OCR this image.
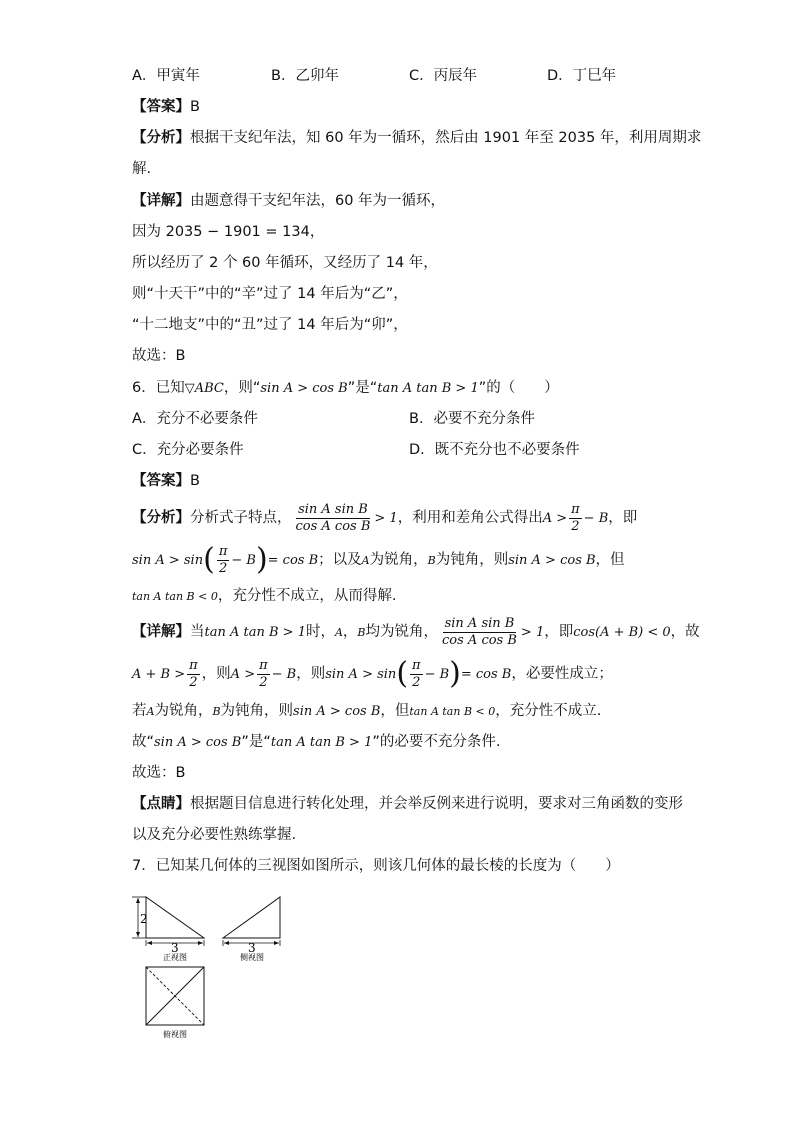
A．甲寅年	B．乙卯年	C．丙辰年	D．丁巳年
【答案】B
【分析】根据干支纪年法，知 60 年为一循环，然后由 1901 年至 2035 年，利用周期求
解.
【详解】由题意得干支纪年法，60 年为一循环，
因为 2035 − 1901 = 134，
所以经历了 2 个 60 年循环，又经历了 14 年，
则“十天干”中的“辛”过了 14 年后为“乙”，
“十二地支”中的“丑”过了 14 年后为“卯”，
故选：B
6．已知▽ABC，则“sin A > cos B”是“tan A tan B > 1”的（　　）
A．充分不必要条件	B．必要不充分条件
C．充分必要条件	D．既不充分也不必要条件
【答案】B
【分析】分析式子特点， $\frac{\text{sin A sin B}}{\text{cos A cos B}} > 1$，利用和差角公式得出$A > \frac{\pi}{2} - B$，即
$\sin A > \sin( \frac{\pi}{2} - B)= \cos B$；以及A为锐角，B为钝角，则sin A > cos B，但
tan A tan B < 0，充分性不成立，从而得解.
【详解】当tan A tan B > 1时，A，B均为锐角， $\frac{\text{sin A sin B}}{\text{cos A cos B}} > 1$，即cos(A + B) < 0，故
$A + B > \frac{\pi}{2}$ ，则$A > \frac{\pi}{2} - B$，则$\sin A > \sin( \frac{\pi}{2} - B)= \cos B$，必要性成立；
若A为锐角，B为钝角，则sin A > cos B，但tan A tan B < 0，充分性不成立.
故“sin A > cos B”是“tan A tan B > 1”的必要不充分条件.
故选：B
【点睛】根据题目信息进行转化处理，并会举反例来进行说明，要求对三角函数的变形
以及充分必要性熟练掌握.
7．已知某几何体的三视图如图所示，则该几何体的最长棱的长度为（　　）
2
3
正视图
3
侧视图
俯视图
